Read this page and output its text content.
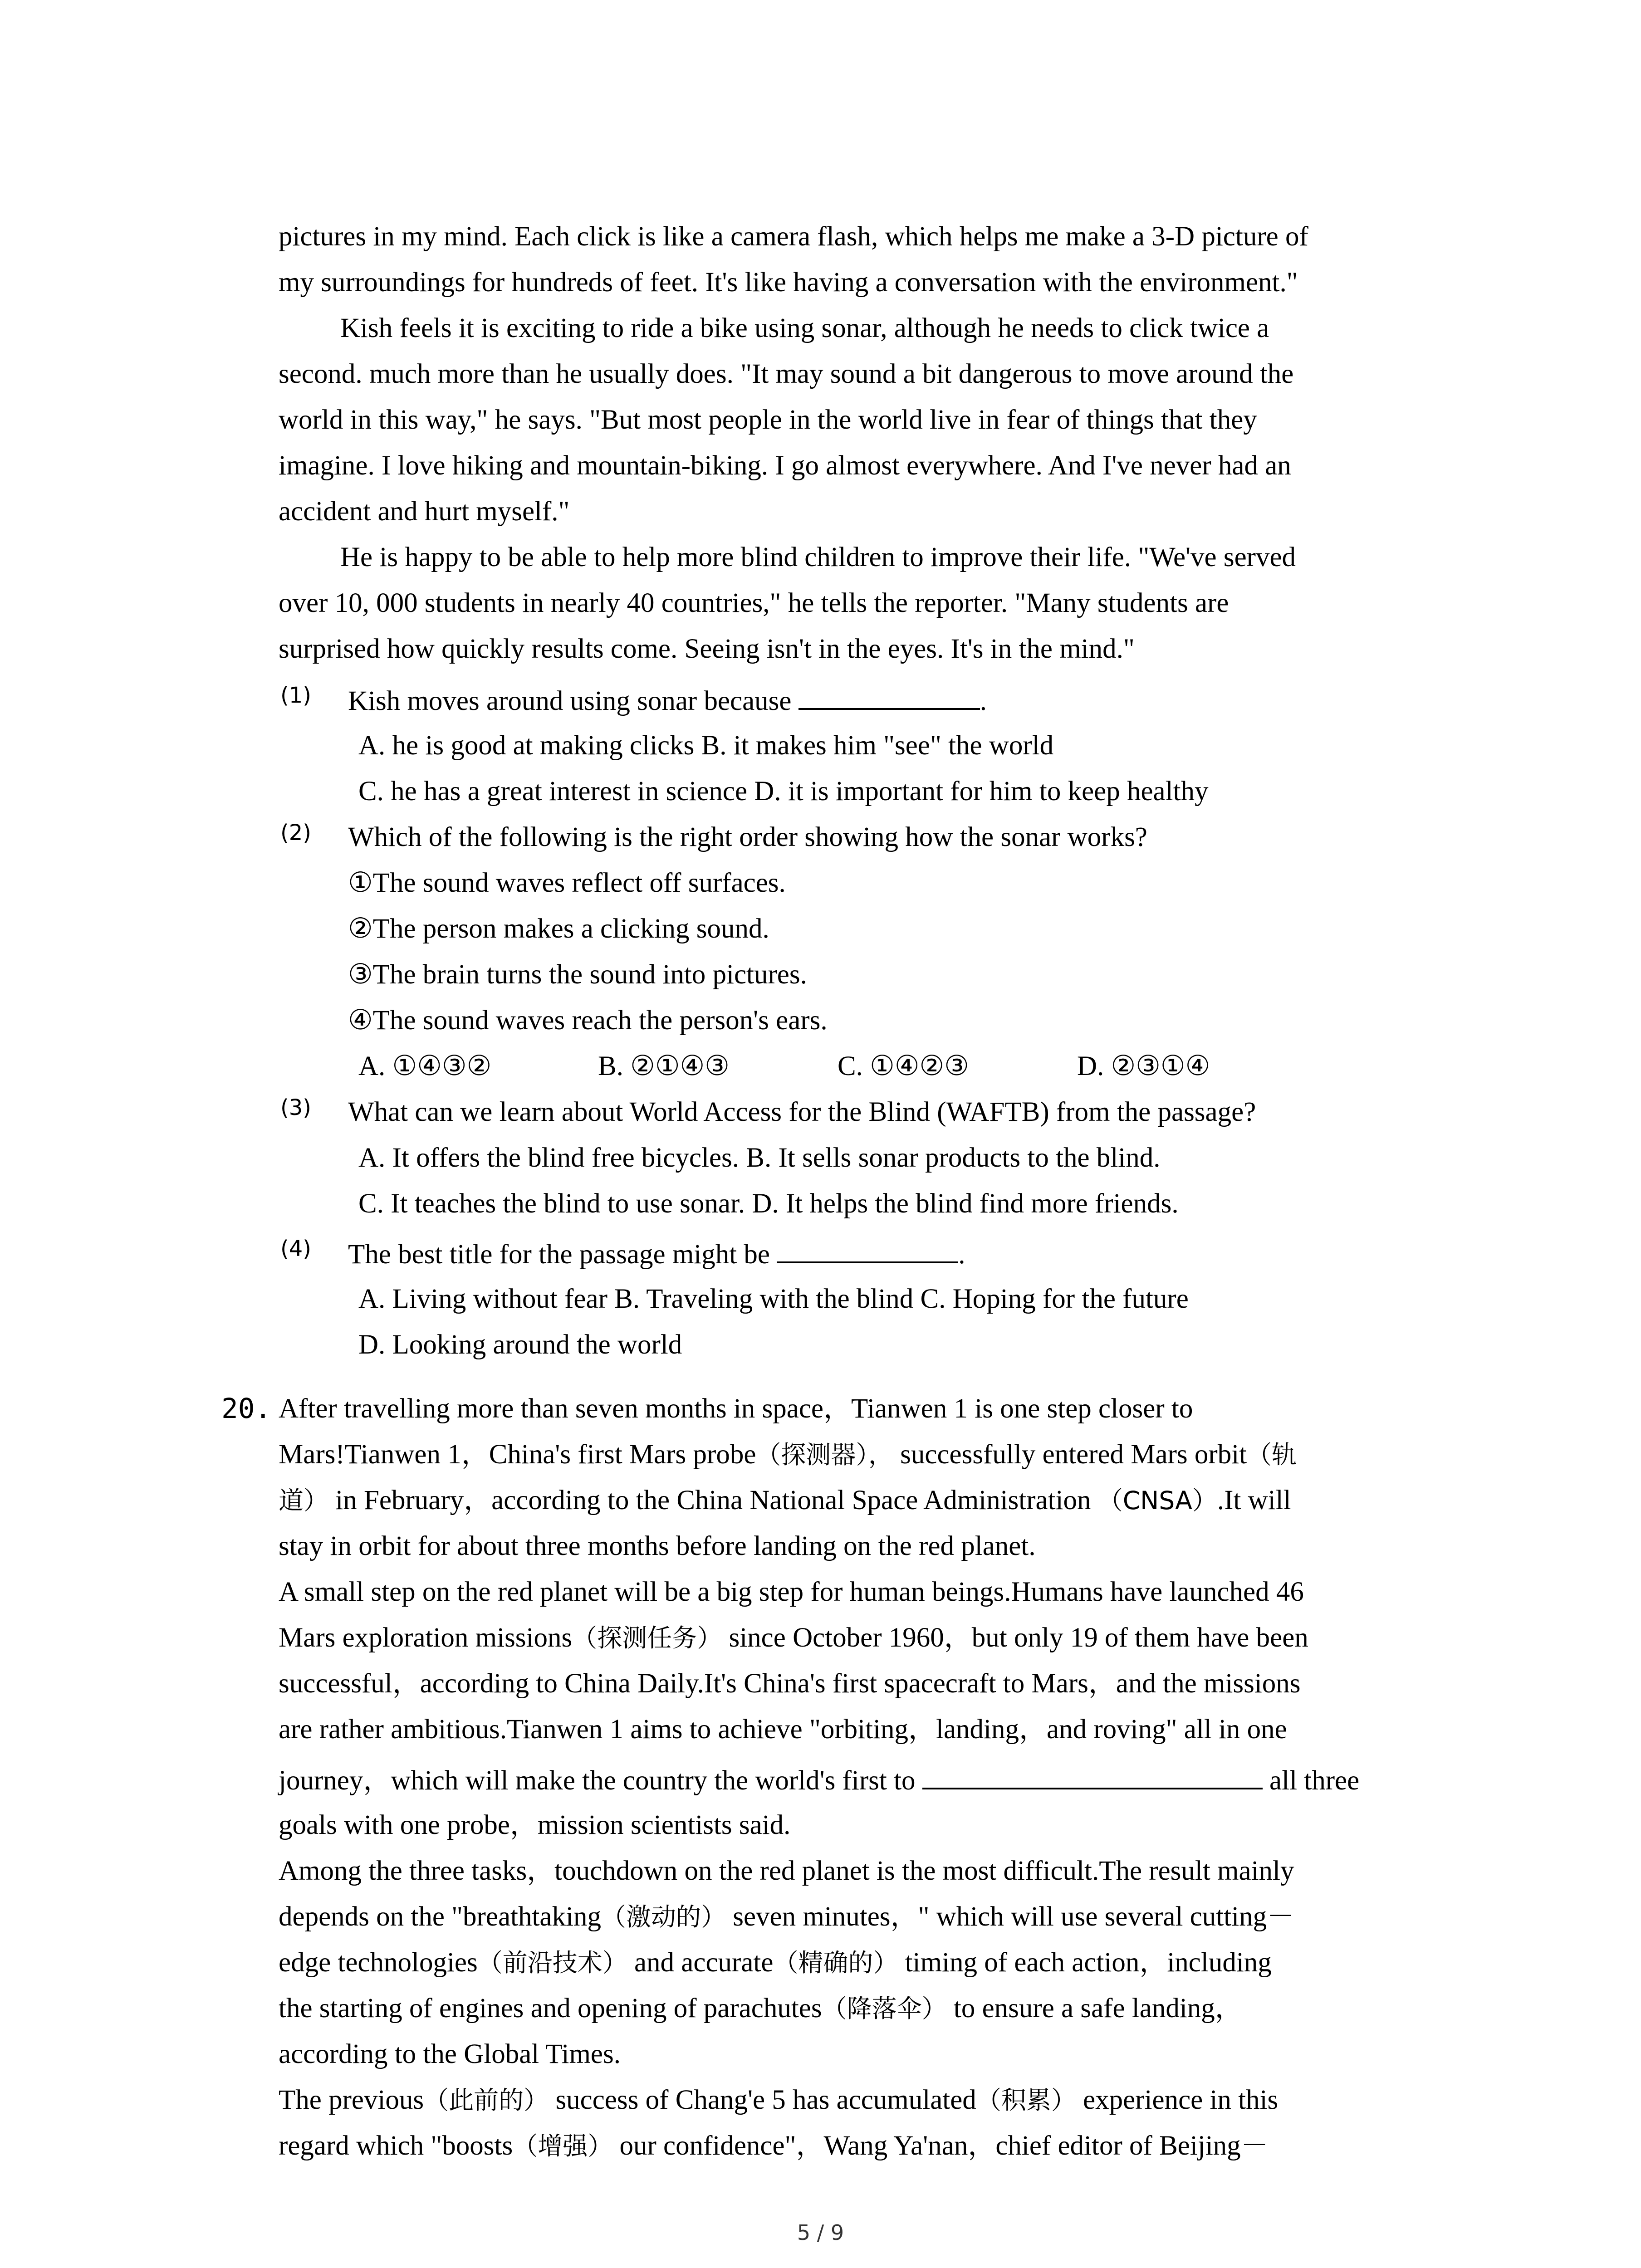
pictures in my mind. Each click is like a camera flash, which helps me make a 3-D picture of
my surroundings for hundreds of feet. It's like having a conversation with the environment."
Kish feels it is exciting to ride a bike using sonar, although he needs to click twice a
second. much more than he usually does. "It may sound a bit dangerous to move around the
world in this way," he says. "But most people in the world live in fear of things that they
imagine. I love hiking and mountain-biking. I go almost everywhere. And I've never had an
accident and hurt myself."
He is happy to be able to help more blind children to improve their life. "We've served
over 10, 000 students in nearly 40 countries," he tells the reporter. "Many students are
surprised how quickly results come. Seeing isn't in the eyes. It's in the mind."
(1) Kish moves around using sonar because	.
A. he is good at making clicks B. it makes him "see" the world
C. he has a great interest in science D. it is important for him to keep healthy
(2) Which of the following is the right order showing how the sonar works?
①The sound waves reflect off surfaces.
②The person makes a clicking sound.
③The brain turns the sound into pictures.
④The sound waves reach the person's ears.
A. ①④③②	B. ②①④③	C. ①④②③	D. ②③①④
(3) What can we learn about World Access for the Blind (WAFTB) from the passage?
A. It offers the blind free bicycles. B. It sells sonar products to the blind.
C. It teaches the blind to use sonar. D. It helps the blind find more friends.
(4) The best title for the passage might be	.
A. Living without fear B. Traveling with the blind C. Hoping for the future
D. Looking around the world
20. After travelling more than seven months in space，Tianwen 1 is one step closer to
Mars!Tianwen 1，China's first Mars probe（探测器）， successfully entered Mars orbit（轨
道） in February，according to the China National Space Administration （CNSA）.It will
stay in orbit for about three months before landing on the red planet.
A small step on the red planet will be a big step for human beings.Humans have launched 46
Mars exploration missions（探测任务） since October 1960，but only 19 of them have been
successful，according to China Daily.It's China's first spacecraft to Mars，and the missions
are rather ambitious.Tianwen 1 aims to achieve "orbiting，landing，and roving" all in one
journey，which will make the country the world's first to	all three
goals with one probe，mission scientists said.
Among the three tasks，touchdown on the red planet is the most difficult.The result mainly
depends on the "breathtaking（激动的） seven minutes，" which will use several cutting－
edge technologies（前沿技术） and accurate（精确的） timing of each action，including
the starting of engines and opening of parachutes（降落伞） to ensure a safe landing，
according to the Global Times.
The previous（此前的） success of Chang'e 5 has accumulated（积累） experience in this
regard which "boosts（增强） our confidence"，Wang Ya'nan，chief editor of Beijing－
5 / 9
